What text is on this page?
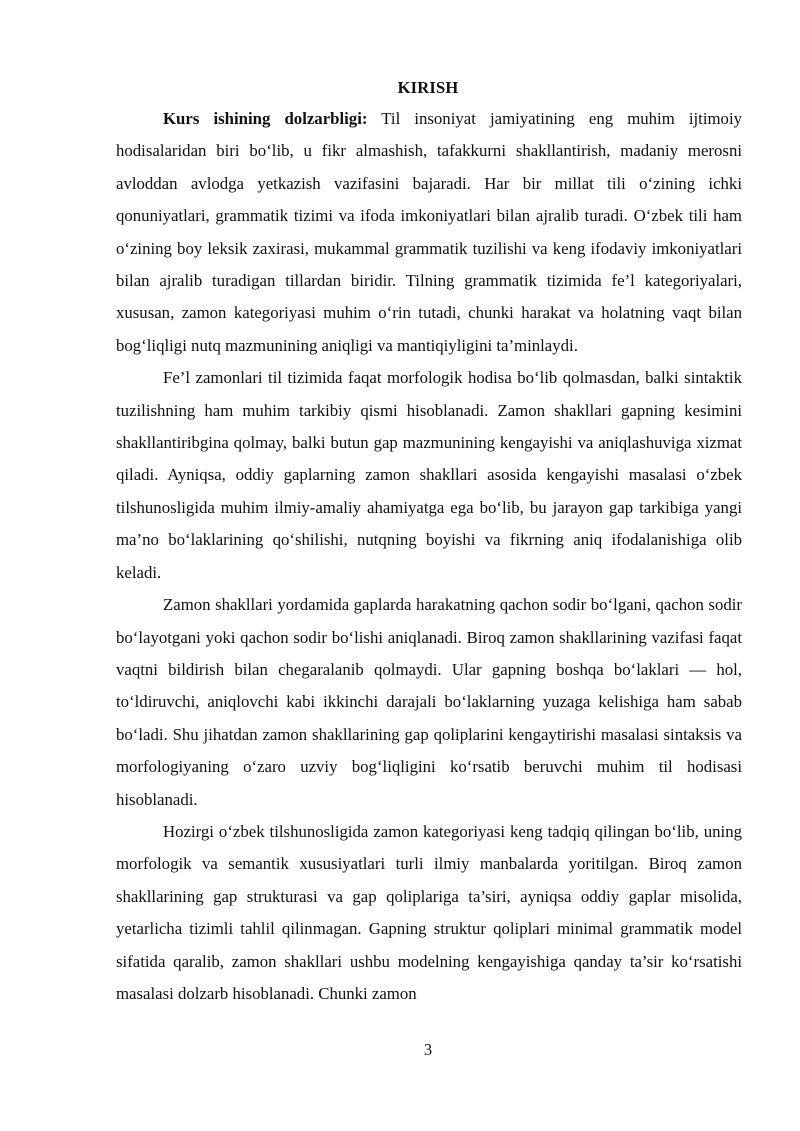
KIRISH

Kurs ishining dolzarbligi: Til insoniyat jamiyatining eng muhim ijtimoiy hodisalaridan biri bo‘lib, u fikr almashish, tafakkurni shakllantirish, madaniy merosni avloddan avlodga yetkazish vazifasini bajaradi. Har bir millat tili o‘zining ichki qonuniyatlari, grammatik tizimi va ifoda imkoniyatlari bilan ajralib turadi. O‘zbek tili ham o‘zining boy leksik zaxirasi, mukammal grammatik tuzilishi va keng ifodaviy imkoniyatlari bilan ajralib turadigan tillardan biridir. Tilning grammatik tizimida fe’l kategoriyalari, xususan, zamon kategoriyasi muhim o‘rin tutadi, chunki harakat va holatning vaqt bilan bog‘liqligi nutq mazmunining aniqligi va mantiqiyligini ta’minlaydi.

Fe’l zamonlari til tizimida faqat morfologik hodisa bo‘lib qolmasdan, balki sintaktik tuzilishning ham muhim tarkibiy qismi hisoblanadi. Zamon shakllari gapning kesimini shakllantiribgina qolmay, balki butun gap mazmunining kengayishi va aniqlashuviga xizmat qiladi. Ayniqsa, oddiy gaplarning zamon shakllari asosida kengayishi masalasi o‘zbek tilshunosligida muhim ilmiy-amaliy ahamiyatga ega bo‘lib, bu jarayon gap tarkibiga yangi ma’no bo‘laklarining qo‘shilishi, nutqning boyishi va fikrning aniq ifodalanishiga olib keladi.

Zamon shakllari yordamida gaplarda harakatning qachon sodir bo‘lgani, qachon sodir bo‘layotgani yoki qachon sodir bo‘lishi aniqlanadi. Biroq zamon shakllarining vazifasi faqat vaqtni bildirish bilan chegaralanib qolmaydi. Ular gapning boshqa bo‘laklari — hol, to‘ldiruvchi, aniqlovchi kabi ikkinchi darajali bo‘laklarning yuzaga kelishiga ham sabab bo‘ladi. Shu jihatdan zamon shakllarining gap qoliplarini kengaytirishi masalasi sintaksis va morfologiyaning o‘zaro uzviy bog‘liqligini ko‘rsatib beruvchi muhim til hodisasi hisoblanadi.

Hozirgi o‘zbek tilshunosligida zamon kategoriyasi keng tadqiq qilingan bo‘lib, uning morfologik va semantik xususiyatlari turli ilmiy manbalarda yoritilgan. Biroq zamon shakllarining gap strukturasi va gap qoliplariga ta’siri, ayniqsa oddiy gaplar misolida, yetarlicha tizimli tahlil qilinmagan. Gapning struktur qoliplari minimal grammatik model sifatida qaralib, zamon shakllari ushbu modelning kengayishiga qanday ta’sir ko‘rsatishi masalasi dolzarb hisoblanadi. Chunki zamon

3
